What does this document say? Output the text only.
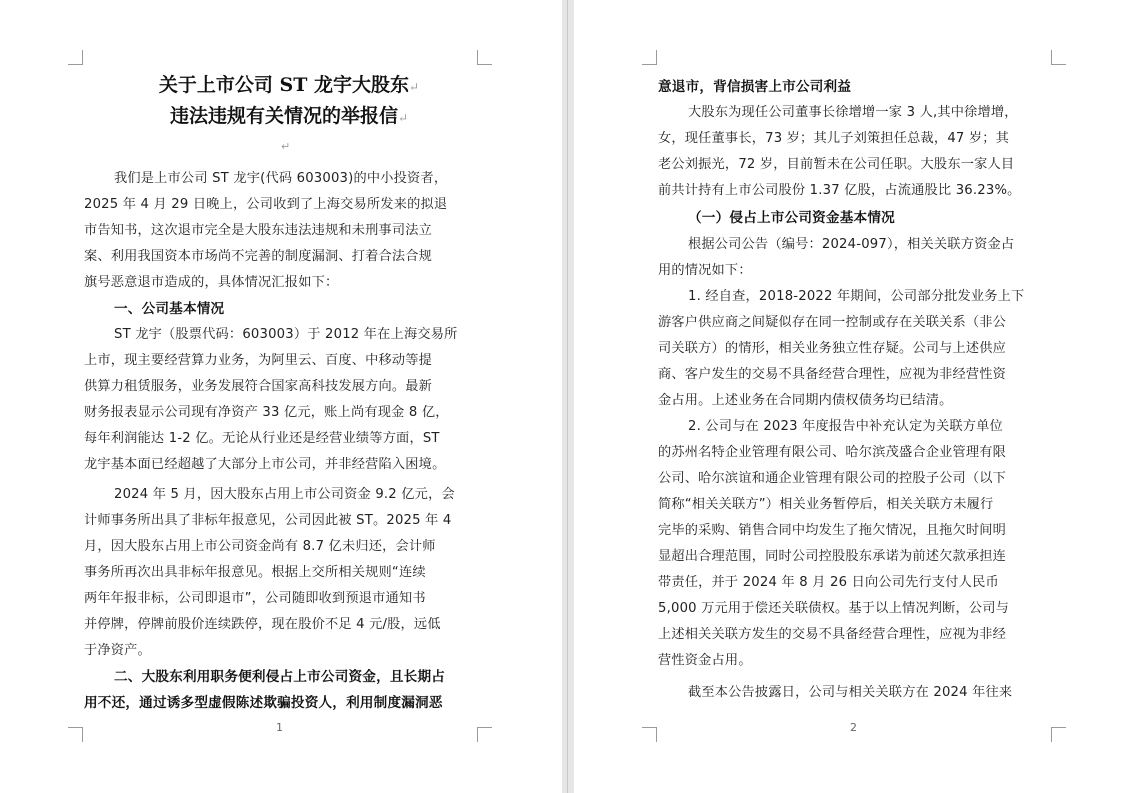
关于上市公司 ST 龙宇大股东↵
违法违规有关情况的举报信↵
↵
我们是上市公司 ST 龙宇(代码 603003)的中小投资者，
2025 年 4 月 29 日晚上，公司收到了上海交易所发来的拟退
市告知书，这次退市完全是大股东违法违规和未刑事司法立
案、利用我国资本市场尚不完善的制度漏洞、打着合法合规
旗号恶意退市造成的，具体情况汇报如下：
一、公司基本情况
ST 龙宇（股票代码：603003）于 2012 年在上海交易所
上市，现主要经营算力业务，为阿里云、百度、中移动等提
供算力租赁服务，业务发展符合国家高科技发展方向。最新
财务报表显示公司现有净资产 33 亿元，账上尚有现金 8 亿，
每年利润能达 1-2 亿。无论从行业还是经营业绩等方面，ST
龙宇基本面已经超越了大部分上市公司，并非经营陷入困境。
2024 年 5 月，因大股东占用上市公司资金 9.2 亿元，会
计师事务所出具了非标年报意见，公司因此被 ST。2025 年 4
月，因大股东占用上市公司资金尚有 8.7 亿未归还，会计师
事务所再次出具非标年报意见。根据上交所相关规则“连续
两年年报非标，公司即退市”，公司随即收到预退市通知书
并停牌，停牌前股价连续跌停，现在股价不足 4 元/股，远低
于净资产。
二、大股东利用职务便利侵占上市公司资金，且长期占
用不还，通过诱多型虚假陈述欺骗投资人，利用制度漏洞恶
1
意退市，背信损害上市公司利益
大股东为现任公司董事长徐增增一家 3 人,其中徐增增，
女，现任董事长，73 岁；其儿子刘策担任总裁，47 岁；其
老公刘振光，72 岁，目前暂未在公司任职。大股东一家人目
前共计持有上市公司股份 1.37 亿股，占流通股比 36.23%。
（一）侵占上市公司资金基本情况
根据公司公告（编号：2024-097），相关关联方资金占
用的情况如下：
1. 经自查，2018-2022 年期间，公司部分批发业务上下
游客户供应商之间疑似存在同一控制或存在关联关系（非公
司关联方）的情形，相关业务独立性存疑。公司与上述供应
商、客户发生的交易不具备经营合理性，应视为非经营性资
金占用。上述业务在合同期内债权债务均已结清。
2. 公司与在 2023 年度报告中补充认定为关联方单位
的苏州名特企业管理有限公司、哈尔滨茂盛合企业管理有限
公司、哈尔滨谊和通企业管理有限公司的控股子公司（以下
简称“相关关联方”）相关业务暂停后，相关关联方未履行
完毕的采购、销售合同中均发生了拖欠情况，且拖欠时间明
显超出合理范围，同时公司控股股东承诺为前述欠款承担连
带责任，并于 2024 年 8 月 26 日向公司先行支付人民币
5,000 万元用于偿还关联债权。基于以上情况判断，公司与
上述相关关联方发生的交易不具备经营合理性，应视为非经
营性资金占用。
截至本公告披露日，公司与相关关联方在 2024 年往来
2
